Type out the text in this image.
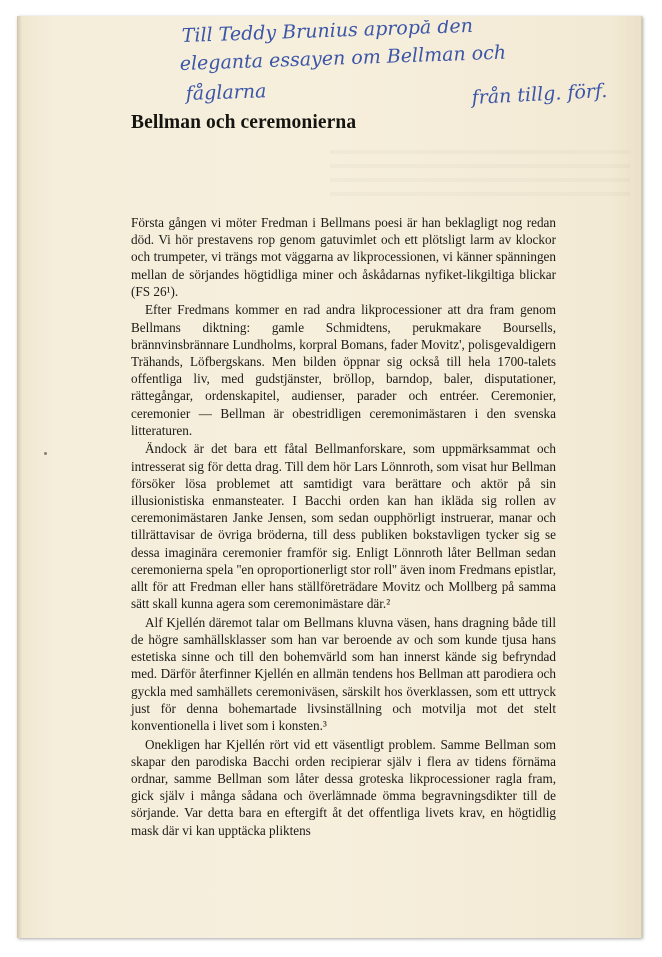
Till Teddy Brunius apropå den
eleganta essayen om Bellman och
fåglarna	från tillg. förf.
Bellman och ceremonierna

Första gången vi möter Fredman i Bellmans poesi är han beklagligt nog redan död. Vi hör prestavens rop genom gatuvimlet och ett plötsligt larm av klockor och trumpeter, vi trängs mot väggarna av likprocessionen, vi känner spänningen mellan de sörjandes högtidliga miner och åskådarnas nyfiket-likgiltiga blickar (FS 26¹).

Efter Fredmans kommer en rad andra likprocessioner att dra fram genom Bellmans diktning: gamle Schmidtens, perukmakare Boursells, brännvinsbrännare Lundholms, korpral Bomans, fader Movitz', polisgevaldigern Trähands, Löfbergskans. Men bilden öppnar sig också till hela 1700-talets offentliga liv, med gudstjänster, bröllop, barndop, baler, disputationer, rättegångar, ordenskapitel, audienser, parader och entréer. Ceremonier, ceremonier — Bellman är obestridligen ceremonimästaren i den svenska litteraturen.

Ändock är det bara ett fåtal Bellmanforskare, som uppmärksammat och intresserat sig för detta drag. Till dem hör Lars Lönnroth, som visat hur Bellman försöker lösa problemet att samtidigt vara berättare och aktör på sin illusionistiska enmansteater. I Bacchi orden kan han ikläda sig rollen av ceremonimästaren Janke Jensen, som sedan oupphörligt instruerar, manar och tillrättavisar de övriga bröderna, till dess publiken bokstavligen tycker sig se dessa imaginära ceremonier framför sig. Enligt Lönnroth låter Bellman sedan ceremonierna spela ''en oproportionerligt stor roll'' även inom Fredmans epistlar, allt för att Fredman eller hans ställföreträdare Movitz och Mollberg på samma sätt skall kunna agera som ceremonimästare där.²

Alf Kjellén däremot talar om Bellmans kluvna väsen, hans dragning både till de högre samhällsklasser som han var beroende av och som kunde tjusa hans estetiska sinne och till den bohemvärld som han innerst kände sig befryndad med. Därför återfinner Kjellén en allmän tendens hos Bellman att parodiera och gyckla med samhällets ceremoniväsen, särskilt hos överklassen, som ett uttryck just för denna bohemartade livsinställning och motvilja mot det stelt konventionella i livet som i konsten.³

Onekligen har Kjellén rört vid ett väsentligt problem. Samme Bellman som skapar den parodiska Bacchi orden recipierar själv i flera av tidens förnäma ordnar, samme Bellman som låter dessa groteska likprocessioner ragla fram, gick själv i många sådana och överlämnade ömma begravningsdikter till de sörjande. Var detta bara en eftergift åt det offentliga livets krav, en högtidlig mask där vi kan upptäcka pliktens
